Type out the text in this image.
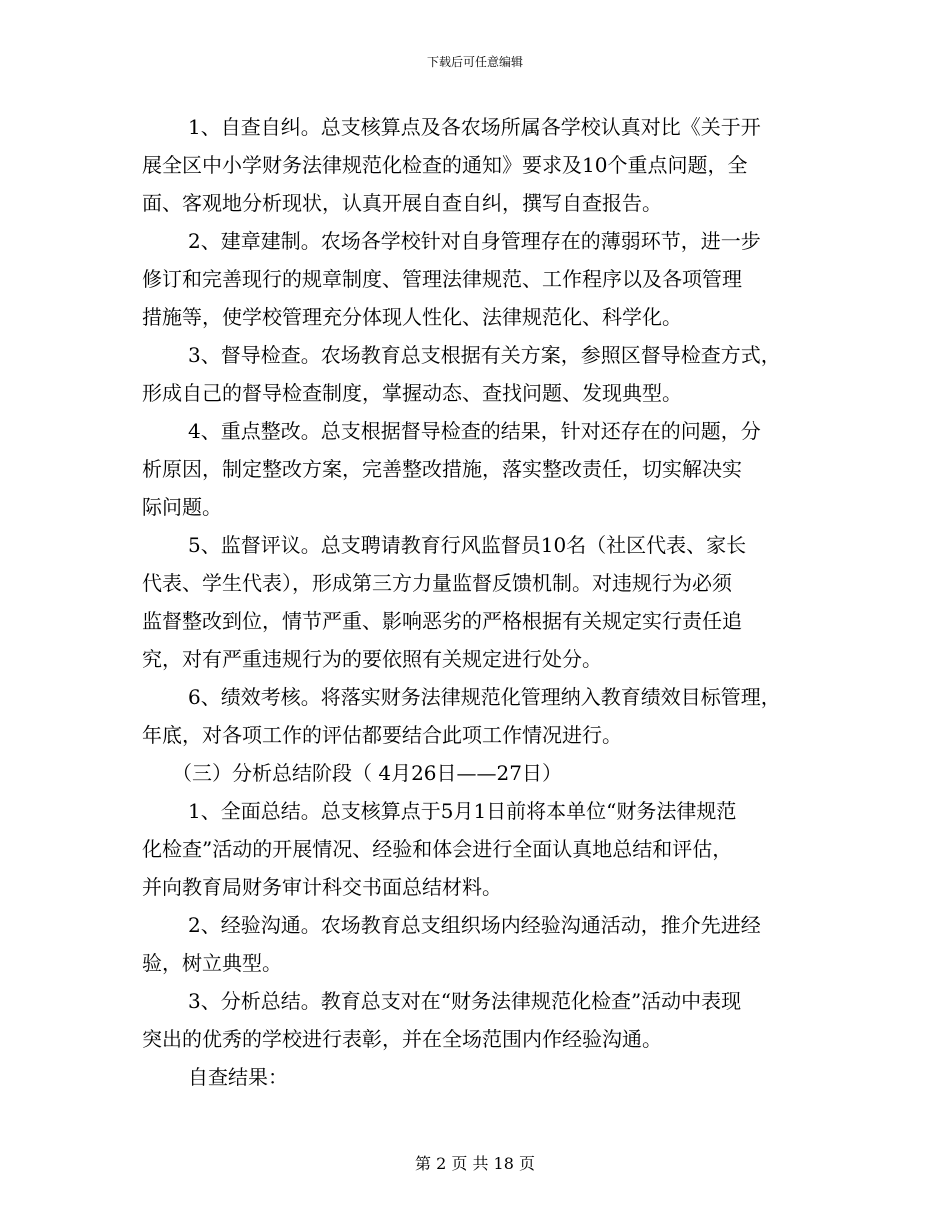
下载后可任意编辑
1、自查自纠。总支核算点及各农场所属各学校认真对比《关于开
展全区中小学财务法律规范化检查的通知》要求及10个重点问题，全
面、客观地分析现状，认真开展自查自纠，撰写自查报告。
2、建章建制。农场各学校针对自身管理存在的薄弱环节，进一步
修订和完善现行的规章制度、管理法律规范、工作程序以及各项管理
措施等，使学校管理充分体现人性化、法律规范化、科学化。
3、督导检查。农场教育总支根据有关方案，参照区督导检查方式，
形成自己的督导检查制度，掌握动态、查找问题、发现典型。
4、重点整改。总支根据督导检查的结果，针对还存在的问题，分
析原因，制定整改方案，完善整改措施，落实整改责任，切实解决实
际问题。
5、监督评议。总支聘请教育行风监督员10名（社区代表、家长
代表、学生代表），形成第三方力量监督反馈机制。对违规行为必须
监督整改到位，情节严重、影响恶劣的严格根据有关规定实行责任追
究，对有严重违规行为的要依照有关规定进行处分。
6、绩效考核。将落实财务法律规范化管理纳入教育绩效目标管理，
年底，对各项工作的评估都要结合此项工作情况进行。
（三）分析总结阶段（ 4月26日——27日）
1、全面总结。总支核算点于5月1日前将本单位“财务法律规范
化检查”活动的开展情况、经验和体会进行全面认真地总结和评估，
并向教育局财务审计科交书面总结材料。
2、经验沟通。农场教育总支组织场内经验沟通活动，推介先进经
验，树立典型。
3、分析总结。教育总支对在“财务法律规范化检查”活动中表现
突出的优秀的学校进行表彰，并在全场范围内作经验沟通。
自查结果：
第 2 页 共 18 页
